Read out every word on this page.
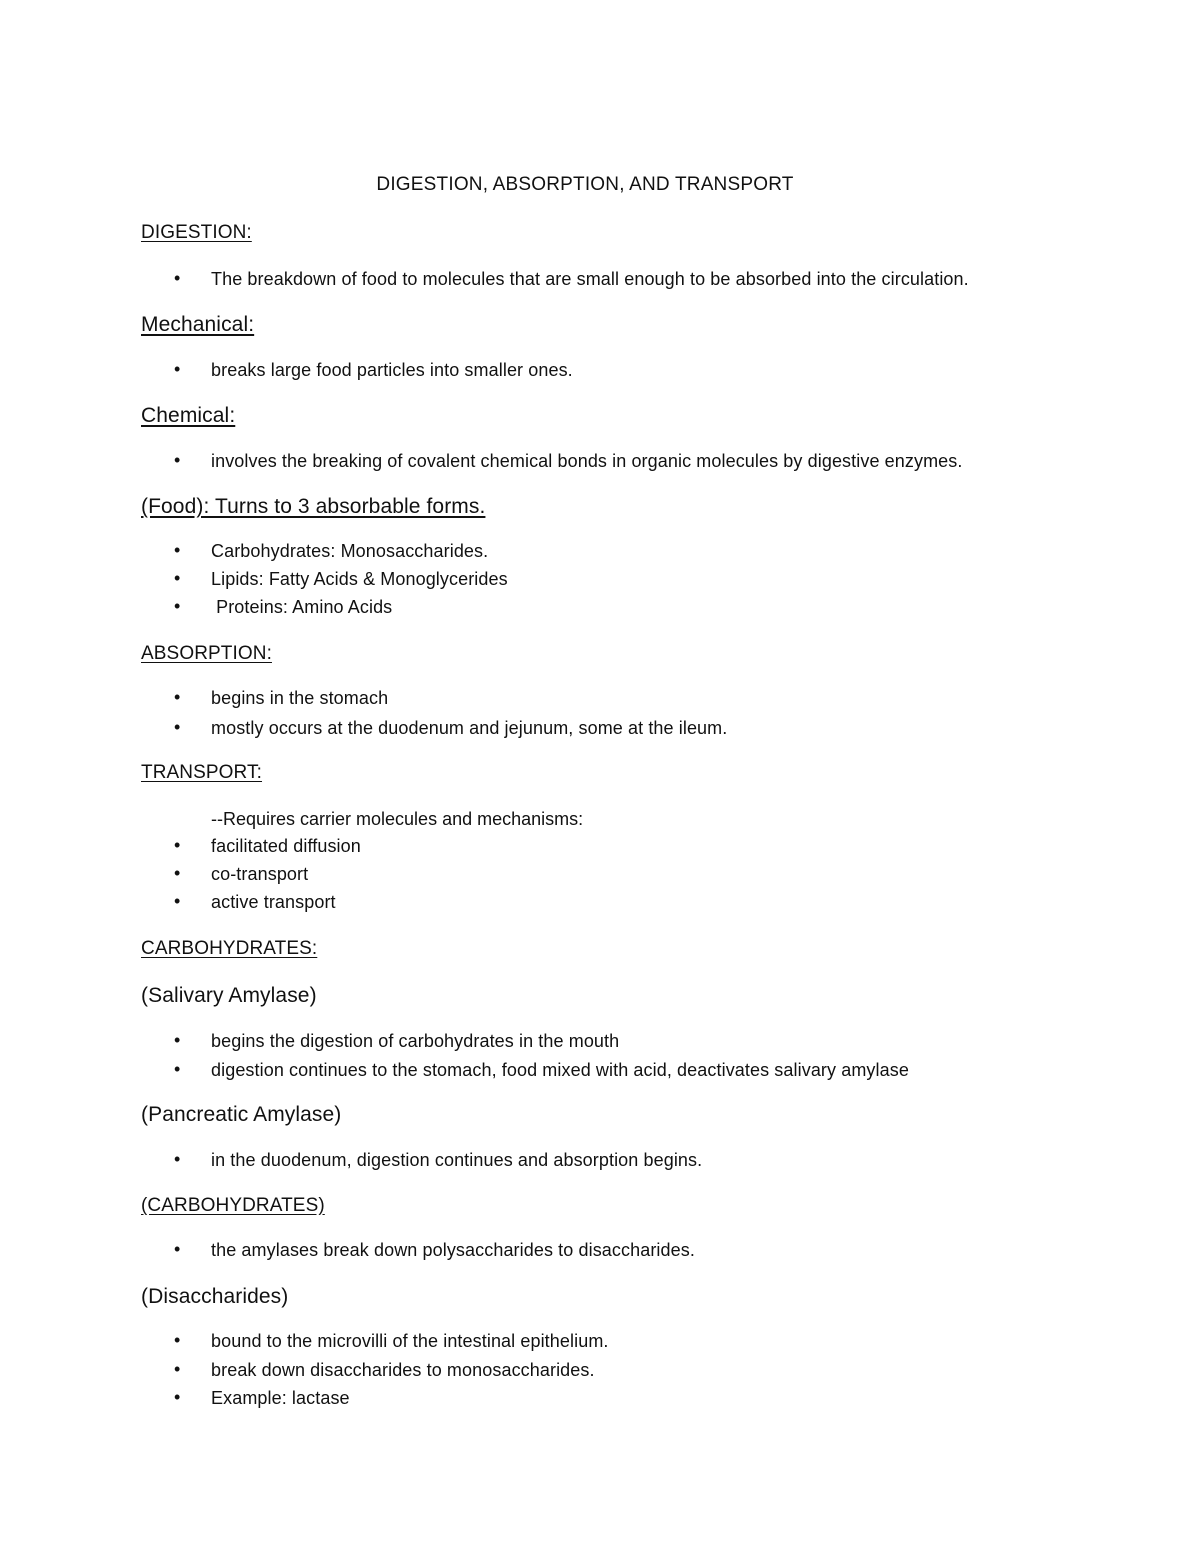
DIGESTION, ABSORPTION, AND TRANSPORT
DIGESTION:
• The breakdown of food to molecules that are small enough to be absorbed into the circulation.
Mechanical:
• breaks large food particles into smaller ones.
Chemical:
• involves the breaking of covalent chemical bonds in organic molecules by digestive enzymes.
(Food): Turns to 3 absorbable forms.
• Carbohydrates: Monosaccharides.
• Lipids: Fatty Acids & Monoglycerides
• Proteins: Amino Acids
ABSORPTION:
• begins in the stomach
• mostly occurs at the duodenum and jejunum, some at the ileum.
TRANSPORT:
--Requires carrier molecules and mechanisms:
• facilitated diffusion
• co-transport
• active transport
CARBOHYDRATES:
(Salivary Amylase)
• begins the digestion of carbohydrates in the mouth
• digestion continues to the stomach, food mixed with acid, deactivates salivary amylase
(Pancreatic Amylase)
• in the duodenum, digestion continues and absorption begins.
(CARBOHYDRATES)
• the amylases break down polysaccharides to disaccharides.
(Disaccharides)
• bound to the microvilli of the intestinal epithelium.
• break down disaccharides to monosaccharides.
• Example: lactase
